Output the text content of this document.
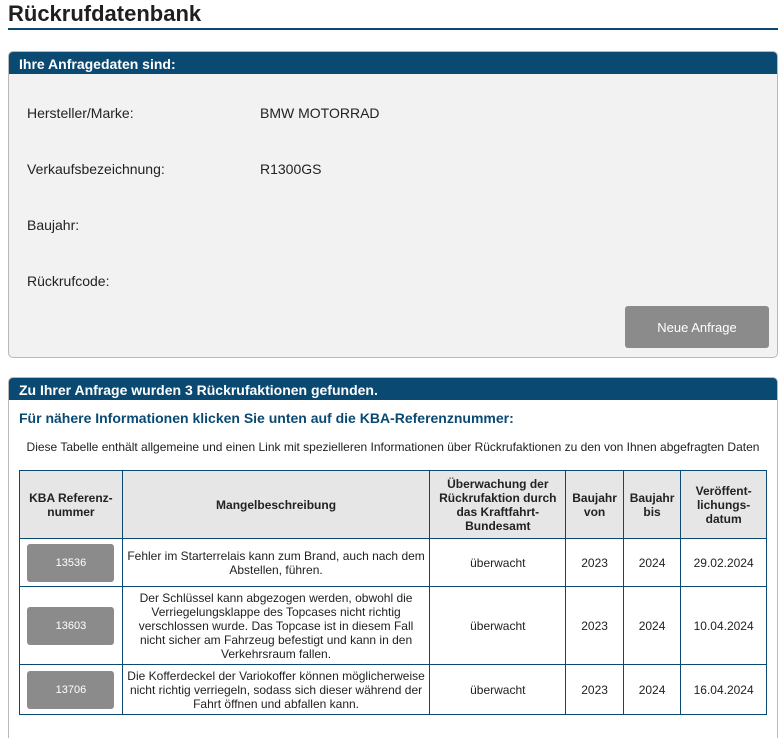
Rückrufdatenbank
Ihre Anfragedaten sind:
Hersteller/Marke:	BMW MOTORRAD
Verkaufsbezeichnung:	R1300GS
Baujahr:
Rückrufcode:
Neue Anfrage
Zu Ihrer Anfrage wurden 3 Rückrufaktionen gefunden.
Für nähere Informationen klicken Sie unten auf die KBA-Referenznummer:
Diese Tabelle enthält allgemeine und einen Link mit spezielleren Informationen über Rückrufaktionen zu den von Ihnen abgefragten Daten
KBA Referenz-nummer	Mangelbeschreibung	Überwachung der Rückrufaktion durch das Kraftfahrt-Bundesamt	Baujahr von	Baujahr bis	Veröffent-lichungs-datum
13536	Fehler im Starterrelais kann zum Brand, auch nach dem Abstellen, führen.	überwacht	2023	2024	29.02.2024
13603	Der Schlüssel kann abgezogen werden, obwohl die Verriegelungsklappe des Topcases nicht richtig verschlossen wurde. Das Topcase ist in diesem Fall nicht sicher am Fahrzeug befestigt und kann in den Verkehrsraum fallen.	überwacht	2023	2024	10.04.2024
13706	Die Kofferdeckel der Variokoffer können möglicherweise nicht richtig verriegeln, sodass sich dieser während der Fahrt öffnen und abfallen kann.	überwacht	2023	2024	16.04.2024
